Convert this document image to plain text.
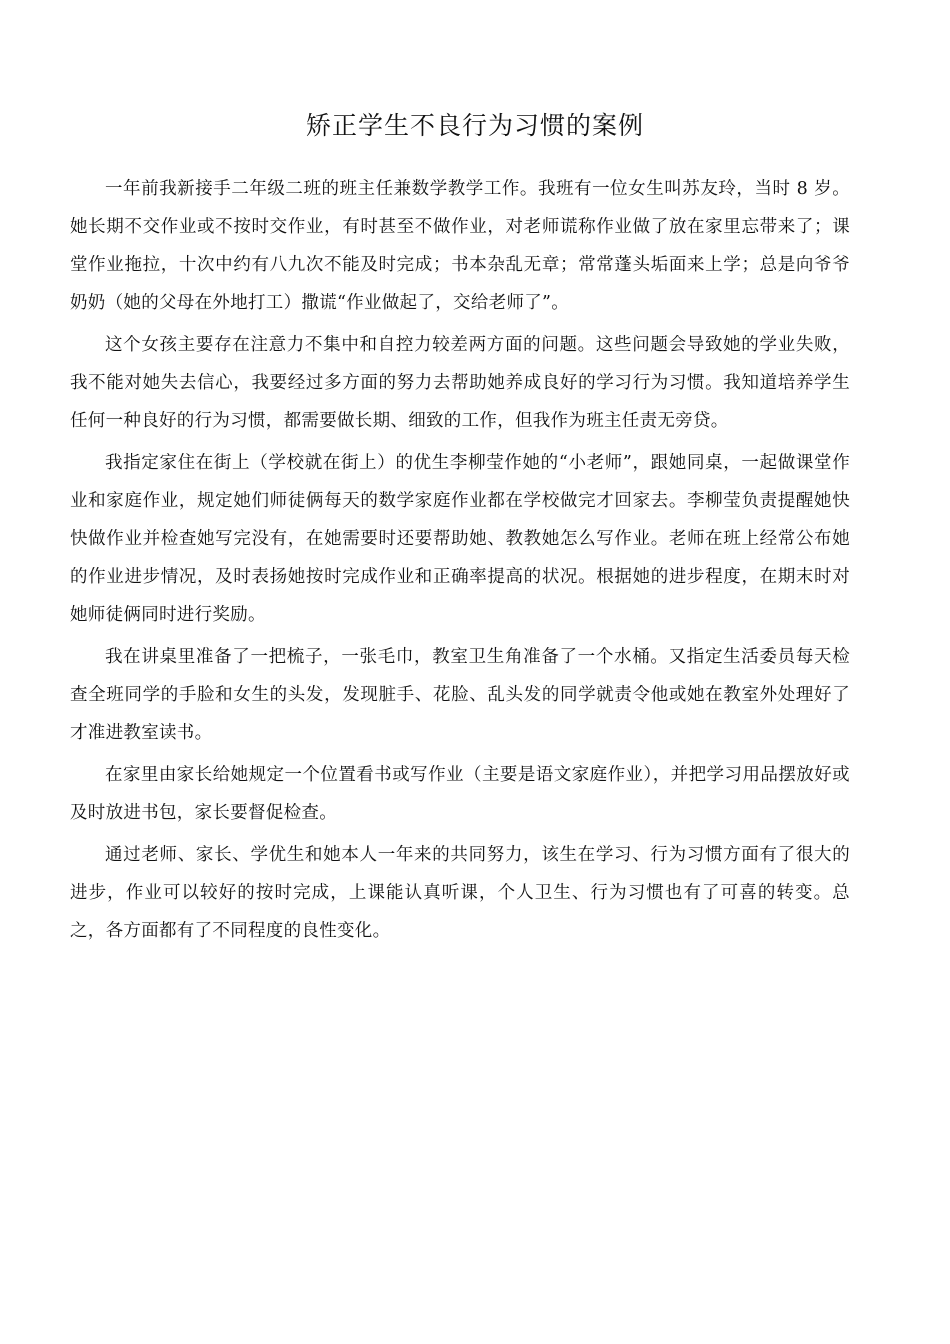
矫正学生不良行为习惯的案例

一年前我新接手二年级二班的班主任兼数学教学工作。我班有一位女生叫苏友玲，当时 8 岁。她长期不交作业或不按时交作业，有时甚至不做作业，对老师谎称作业做了放在家里忘带来了；课堂作业拖拉，十次中约有八九次不能及时完成；书本杂乱无章；常常蓬头垢面来上学；总是向爷爷奶奶（她的父母在外地打工）撒谎“作业做起了，交给老师了”。

这个女孩主要存在注意力不集中和自控力较差两方面的问题。这些问题会导致她的学业失败，我不能对她失去信心，我要经过多方面的努力去帮助她养成良好的学习行为习惯。我知道培养学生任何一种良好的行为习惯，都需要做长期、细致的工作，但我作为班主任责无旁贷。

我指定家住在街上（学校就在街上）的优生李柳莹作她的“小老师”，跟她同桌，一起做课堂作业和家庭作业，规定她们师徒俩每天的数学家庭作业都在学校做完才回家去。李柳莹负责提醒她快快做作业并检查她写完没有，在她需要时还要帮助她、教教她怎么写作业。老师在班上经常公布她的作业进步情况，及时表扬她按时完成作业和正确率提高的状况。根据她的进步程度，在期末时对她师徒俩同时进行奖励。

我在讲桌里准备了一把梳子，一张毛巾，教室卫生角准备了一个水桶。又指定生活委员每天检查全班同学的手脸和女生的头发，发现脏手、花脸、乱头发的同学就责令他或她在教室外处理好了才准进教室读书。

在家里由家长给她规定一个位置看书或写作业（主要是语文家庭作业），并把学习用品摆放好或及时放进书包，家长要督促检查。

通过老师、家长、学优生和她本人一年来的共同努力，该生在学习、行为习惯方面有了很大的进步，作业可以较好的按时完成，上课能认真听课，个人卫生、行为习惯也有了可喜的转变。总之，各方面都有了不同程度的良性变化。
